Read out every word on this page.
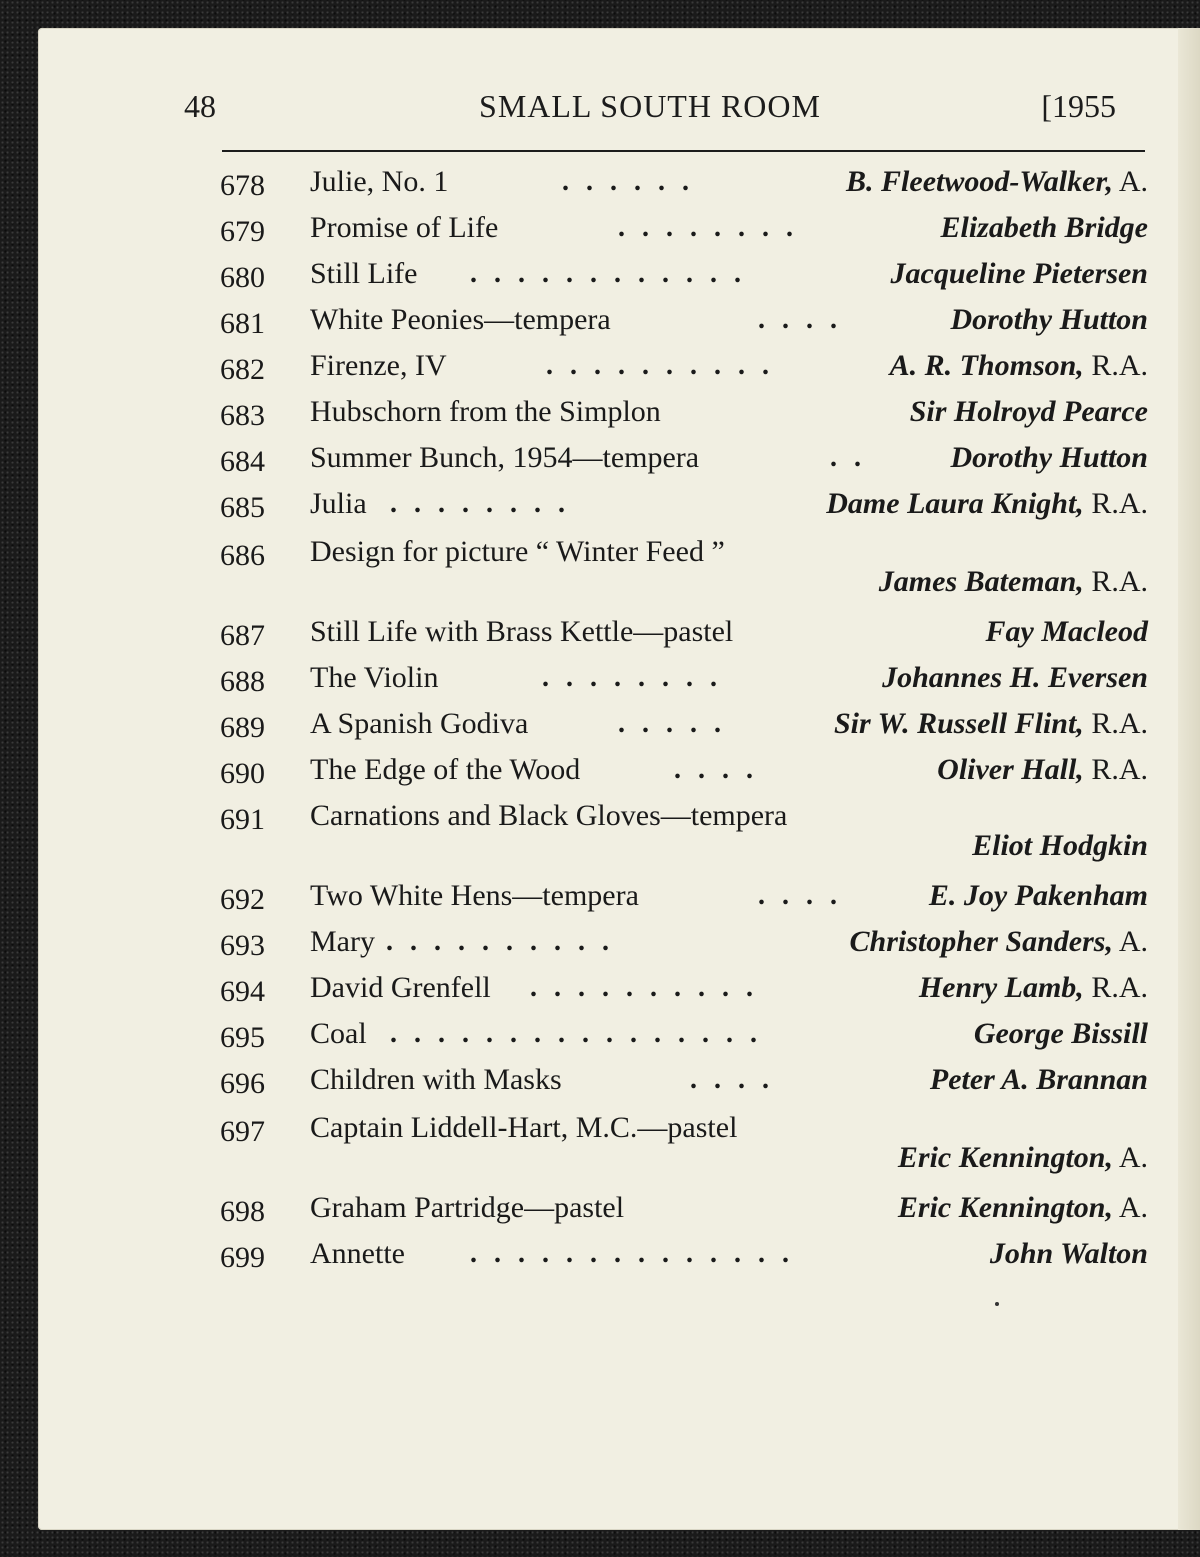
48	SMALL SOUTH ROOM	[1955
678 Julie, No. 1	. . . . . .	B. Fleetwood-Walker, A.
679 Promise of Life	. . . . . . . .	Elizabeth Bridge
680 Still Life . . . . . . . . . . . .	Jacqueline Pietersen
681 White Peonies—tempera	. . . .	Dorothy Hutton
682 Firenze, IV	. . . . . . . . . .	A. R. Thomson, R.A.
683 Hubschorn from the Simplon	Sir Holroyd Pearce
684 Summer Bunch, 1954—tempera	. .	Dorothy Hutton
685 Julia . . . . . . . .	Dame Laura Knight, R.A.
686 Design for picture “ Winter Feed ”
James Bateman, R.A.
687 Still Life with Brass Kettle—pastel	Fay Macleod
688 The Violin	. . . . . . . .	Johannes H. Eversen
689 A Spanish Godiva	. . . . .	Sir W. Russell Flint, R.A.
690 The Edge of the Wood	. . . .	Oliver Hall, R.A.
691 Carnations and Black Gloves—tempera
Eliot Hodgkin
692 Two White Hens—tempera	. . . .	E. Joy Pakenham
693 Mary . . . . . . . . . .	Christopher Sanders, A.
694 David Grenfell . . . . . . . . . .	Henry Lamb, R.A.
695 Coal . . . . . . . . . . . . . . . .	George Bissill
696 Children with Masks	. . . .	Peter A. Brannan
697 Captain Liddell-Hart, M.C.—pastel
Eric Kennington, A.
698 Graham Partridge—pastel	Eric Kennington, A.
699 Annette . . . . . . . . . . . . . .	John Walton
